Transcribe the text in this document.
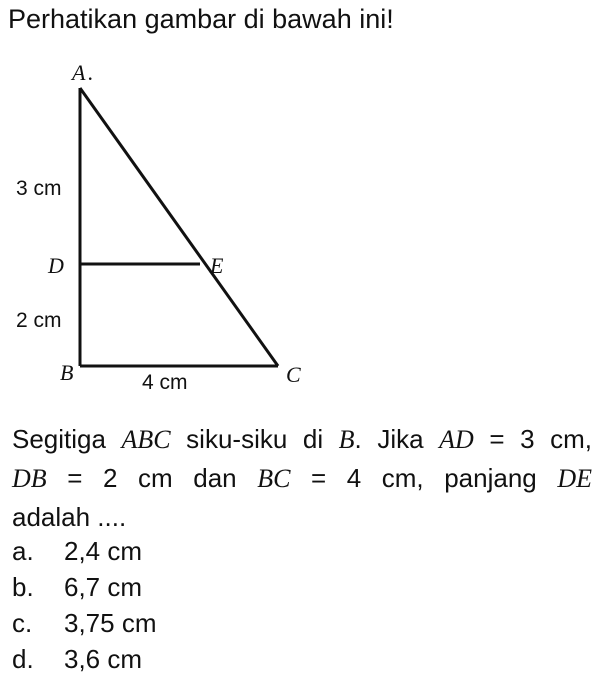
Perhatikan gambar di bawah ini!
A .
D	E
B	C
3 cm
2 cm
4 cm
Segitiga ABC siku-siku di B. Jika AD = 3 cm,
DB = 2 cm dan BC = 4 cm, panjang DE
adalah ....
a. 2,4 cm
b. 6,7 cm
c. 3,75 cm
d. 3,6 cm
